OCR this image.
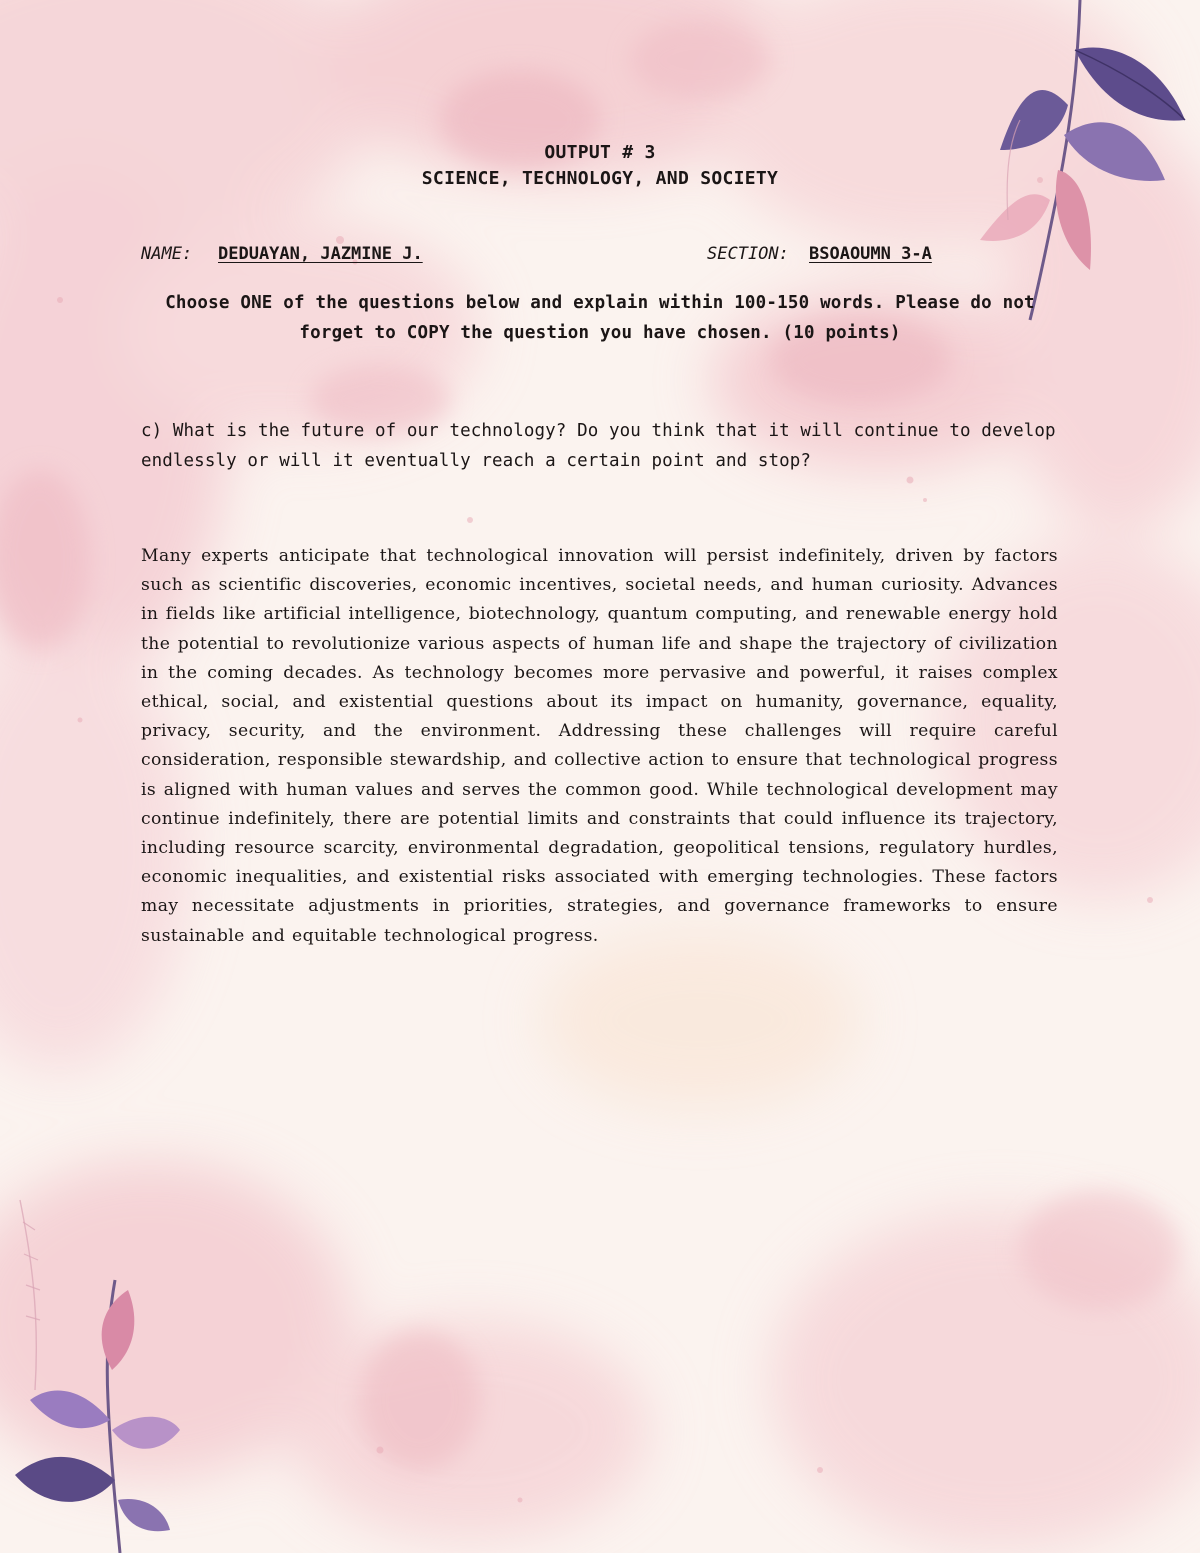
OUTPUT # 3
SCIENCE, TECHNOLOGY, AND SOCIETY
NAME: DEDUAYAN, JAZMINE J.	SECTION: BSOAOUMN 3-A
Choose ONE of the questions below and explain within 100-150 words. Please do not forget to COPY the question you have chosen. (10 points)
c) What is the future of our technology? Do you think that it will continue to develop endlessly or will it eventually reach a certain point and stop?
Many experts anticipate that technological innovation will persist indefinitely, driven by factors such as scientific discoveries, economic incentives, societal needs, and human curiosity. Advances in fields like artificial intelligence, biotechnology, quantum computing, and renewable energy hold the potential to revolutionize various aspects of human life and shape the trajectory of civilization in the coming decades. As technology becomes more pervasive and powerful, it raises complex ethical, social, and existential questions about its impact on humanity, governance, equality, privacy, security, and the environment. Addressing these challenges will require careful consideration, responsible stewardship, and collective action to ensure that technological progress is aligned with human values and serves the common good. While technological development may continue indefinitely, there are potential limits and constraints that could influence its trajectory, including resource scarcity, environmental degradation, geopolitical tensions, regulatory hurdles, economic inequalities, and existential risks associated with emerging technologies. These factors may necessitate adjustments in priorities, strategies, and governance frameworks to ensure sustainable and equitable technological progress.
